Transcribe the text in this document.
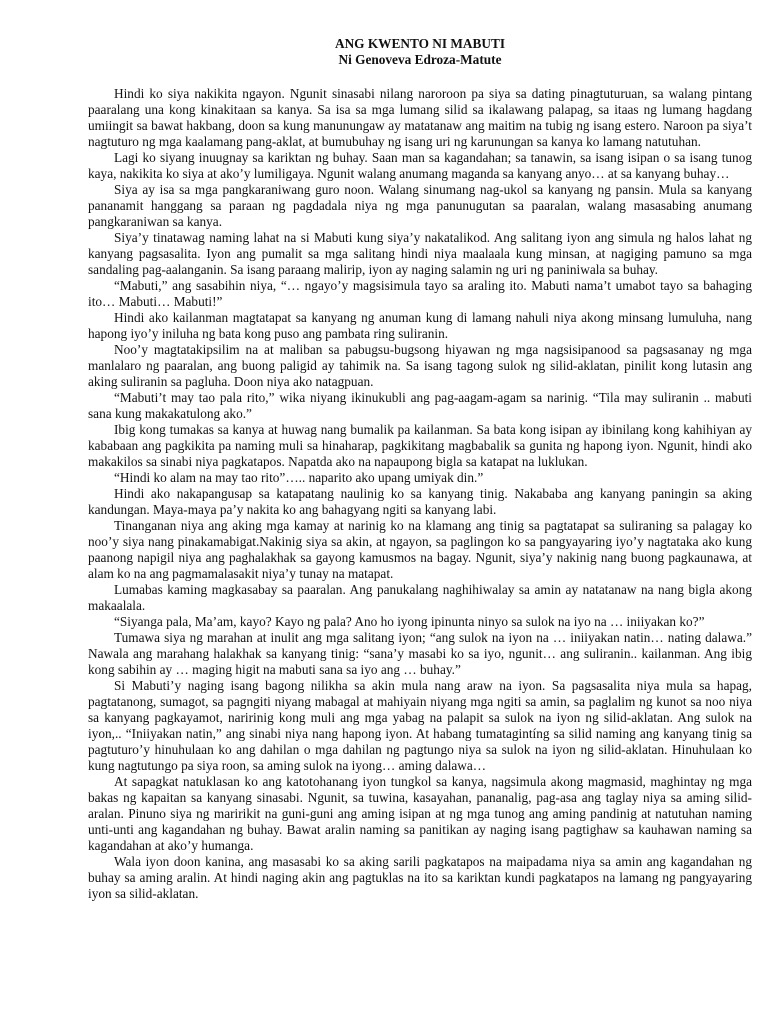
ANG KWENTO NI MABUTI

Ni Genoveva Edroza-Matute

Hindi ko siya nakikita ngayon. Ngunit sinasabi nilang naroroon pa siya sa dating pinagtuturuan, sa walang pintang paaralang una kong kinakitaan sa kanya. Sa isa sa mga lumang silid sa ikalawang palapag, sa itaas ng lumang hagdang umiingit sa bawat hakbang, doon sa kung manunungaw ay matatanaw ang maitim na tubig ng isang estero. Naroon pa siya’t nagtuturo ng mga kaalamang pang-aklat, at bumubuhay ng isang uri ng karunungan sa kanya ko lamang natutuhan.

Lagi ko siyang inuugnay sa kariktan ng buhay. Saan man sa kagandahan; sa tanawin, sa isang isipan o sa isang tunog kaya, nakikita ko siya at ako’y lumiligaya. Ngunit walang anumang maganda sa kanyang anyo… at sa kanyang buhay…

Siya ay isa sa mga pangkaraniwang guro noon. Walang sinumang nag-ukol sa kanyang ng pansin. Mula sa kanyang pananamit hanggang sa paraan ng pagdadala niya ng mga panunugutan sa paaralan, walang masasabing anumang pangkaraniwan sa kanya.

Siya’y tinatawag naming lahat na si Mabuti kung siya’y nakatalikod. Ang salitang iyon ang simula ng halos lahat ng kanyang pagsasalita. Iyon ang pumalit sa mga salitang hindi niya maalaala kung minsan, at nagiging pamuno sa mga sandaling pag-aalanganin. Sa isang paraang malirip, iyon ay naging salamin ng uri ng paniniwala sa buhay.

“Mabuti,” ang sasabihin niya, “… ngayo’y magsisimula tayo sa araling ito. Mabuti nama’t umabot tayo sa bahaging ito… Mabuti… Mabuti!”

Hindi ako kailanman magtatapat sa kanyang ng anuman kung di lamang nahuli niya akong minsang lumuluha, nang hapong iyo’y iniluha ng bata kong puso ang pambata ring suliranin.

Noo’y magtatakipsilim na at maliban sa pabugsu-bugsong hiyawan ng mga nagsisipanood sa pagsasanay ng mga manlalaro ng paaralan, ang buong paligid ay tahimik na. Sa isang tagong sulok ng silid-aklatan, pinilit kong lutasin ang aking suliranin sa pagluha. Doon niya ako natagpuan.

“Mabuti’t may tao pala rito,” wika niyang ikinukubli ang pag-aagam-agam sa narinig. “Tila may suliranin .. mabuti sana kung makakatulong ako.”

Ibig kong tumakas sa kanya at huwag nang bumalik pa kailanman. Sa bata kong isipan ay ibinilang kong kahihiyan ay kababaan ang pagkikita pa naming muli sa hinaharap, pagkikitang magbabalik sa gunita ng hapong iyon. Ngunit, hindi ako makakilos sa sinabi niya pagkatapos. Napatda ako na napaupong bigla sa katapat na luklukan.

“Hindi ko alam na may tao rito”….. naparito ako upang umiyak din.”

Hindi ako nakapangusap sa katapatang naulinig ko sa kanyang tinig. Nakababa ang kanyang paningin sa aking kandungan. Maya-maya pa’y nakita ko ang bahagyang ngiti sa kanyang labi.

Tinanganan niya ang aking mga kamay at narinig ko na klamang ang tinig sa pagtatapat sa suliraning sa palagay ko noo’y siya nang pinakamabigat.Nakinig siya sa akin, at ngayon, sa paglingon ko sa pangyayaring iyo’y nagtataka ako kung paanong napigil niya ang paghalakhak sa gayong kamusmos na bagay. Ngunit, siya’y nakinig nang buong pagkaunawa, at alam ko na ang pagmamalasakit niya’y tunay na matapat.

Lumabas kaming magkasabay sa paaralan. Ang panukalang naghihiwalay sa amin ay natatanaw na nang bigla akong makaalala.

“Siyanga pala, Ma’am, kayo? Kayo ng pala? Ano ho iyong ipinunta ninyo sa sulok na iyo na … iniiyakan ko?”

Tumawa siya ng marahan at inulit ang mga salitang iyon; “ang sulok na iyon na … iniiyakan natin… nating dalawa.” Nawala ang marahang halakhak sa kanyang tinig: “sana’y masabi ko sa iyo, ngunit… ang suliranin.. kailanman. Ang ibig kong sabihin ay … maging higit na mabuti sana sa iyo ang … buhay.”

Si Mabuti’y naging isang bagong nilikha sa akin mula nang araw na iyon. Sa pagsasalita niya mula sa hapag, pagtatanong, sumagot, sa pagngiti niyang mabagal at mahiyain niyang mga ngiti sa amin, sa paglalim ng kunot sa noo niya sa kanyang pagkayamot, naririnig kong muli ang mga yabag na palapit sa sulok na iyon ng silid-aklatan. Ang sulok na iyon,.. “Iniiyakan natin,” ang sinabi niya nang hapong iyon. At habang tumatagintíng sa silid naming ang kanyang tinig sa pagtuturo’y hinuhulaan ko ang dahilan o mga dahilan ng pagtungo niya sa sulok na iyon ng silid-aklatan. Hinuhulaan ko kung nagtutungo pa siya roon, sa aming sulok na iyong… aming dalawa…

At sapagkat natuklasan ko ang katotohanang iyon tungkol sa kanya, nagsimula akong magmasid, maghintay ng mga bakas ng kapaitan sa kanyang sinasabi. Ngunit, sa tuwina, kasayahan, pananalig, pag-asa ang taglay niya sa aming silid-aralan. Pinuno siya ng maririkit na guni-guni ang aming isipan at ng mga tunog ang aming pandinig at natutuhan naming unti-unti ang kagandahan ng buhay. Bawat aralin naming sa panitikan ay naging isang pagtighaw sa kauhawan naming sa kagandahan at ako’y humanga.

Wala iyon doon kanina, ang masasabi ko sa aking sarili pagkatapos na maipadama niya sa amin ang kagandahan ng buhay sa aming aralin. At hindi naging akin ang pagtuklas na ito sa kariktan kundi pagkatapos na lamang ng pangyayaring iyon sa silid-aklatan.
